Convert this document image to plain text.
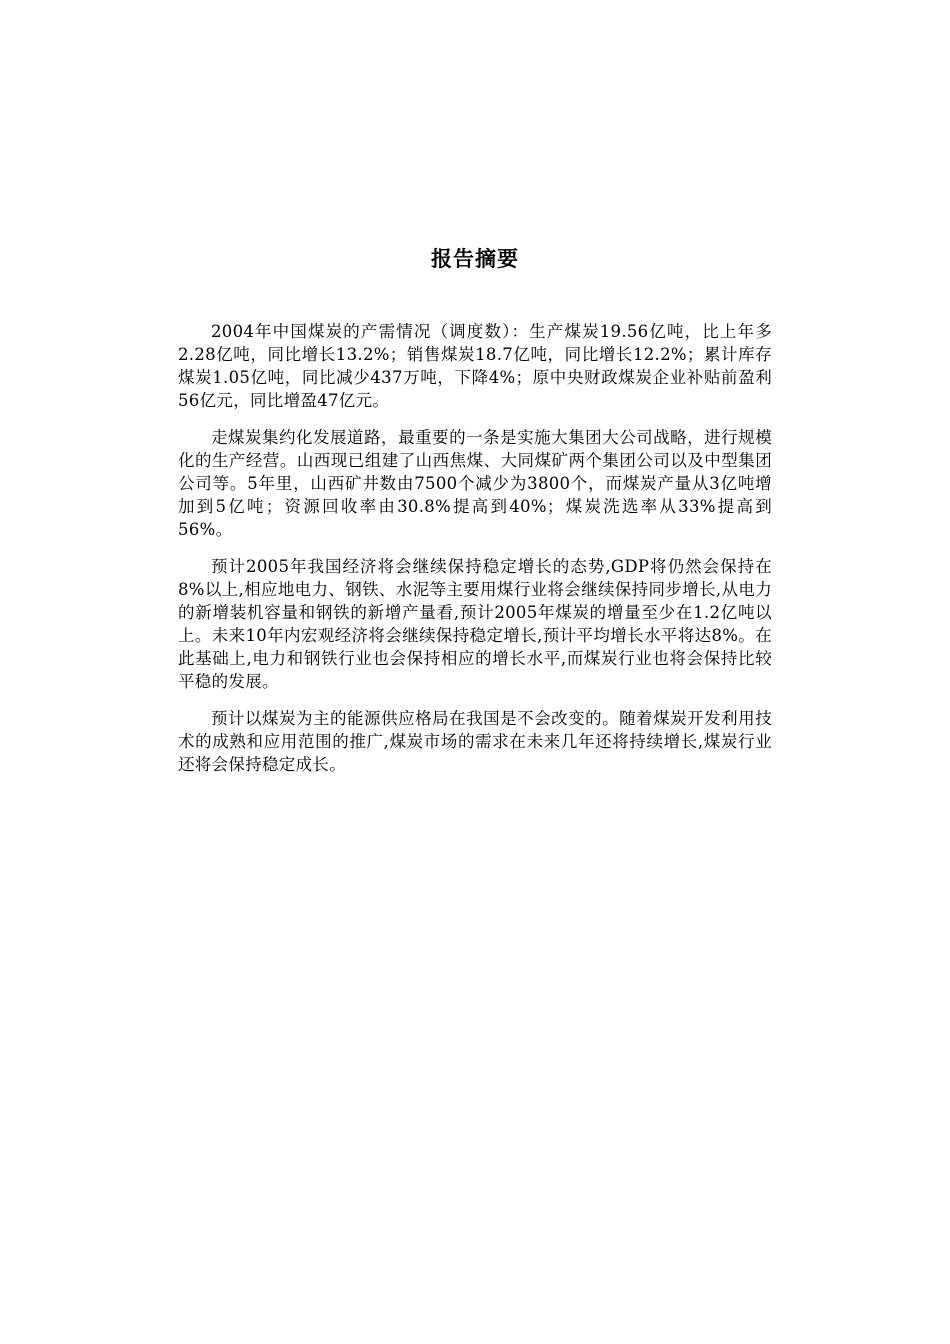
报告摘要

2004年中国煤炭的产需情况（调度数）：生产煤炭19.56亿吨，比上年多2.28亿吨，同比增长13.2%；销售煤炭18.7亿吨，同比增长12.2%；累计库存煤炭1.05亿吨，同比减少437万吨，下降4%；原中央财政煤炭企业补贴前盈利56亿元，同比增盈47亿元。

走煤炭集约化发展道路，最重要的一条是实施大集团大公司战略，进行规模化的生产经营。山西现已组建了山西焦煤、大同煤矿两个集团公司以及中型集团公司等。5年里，山西矿井数由7500个减少为3800个，而煤炭产量从3亿吨增加到5亿吨；资源回收率由30.8%提高到40%；煤炭洗选率从33%提高到56%。

预计2005年我国经济将会继续保持稳定增长的态势,GDP将仍然会保持在8%以上,相应地电力、钢铁、水泥等主要用煤行业将会继续保持同步增长,从电力的新增装机容量和钢铁的新增产量看,预计2005年煤炭的增量至少在1.2亿吨以上。未来10年内宏观经济将会继续保持稳定增长,预计平均增长水平将达8%。在此基础上,电力和钢铁行业也会保持相应的增长水平,而煤炭行业也将会保持比较平稳的发展。

预计以煤炭为主的能源供应格局在我国是不会改变的。随着煤炭开发利用技术的成熟和应用范围的推广,煤炭市场的需求在未来几年还将持续增长,煤炭行业还将会保持稳定成长。
